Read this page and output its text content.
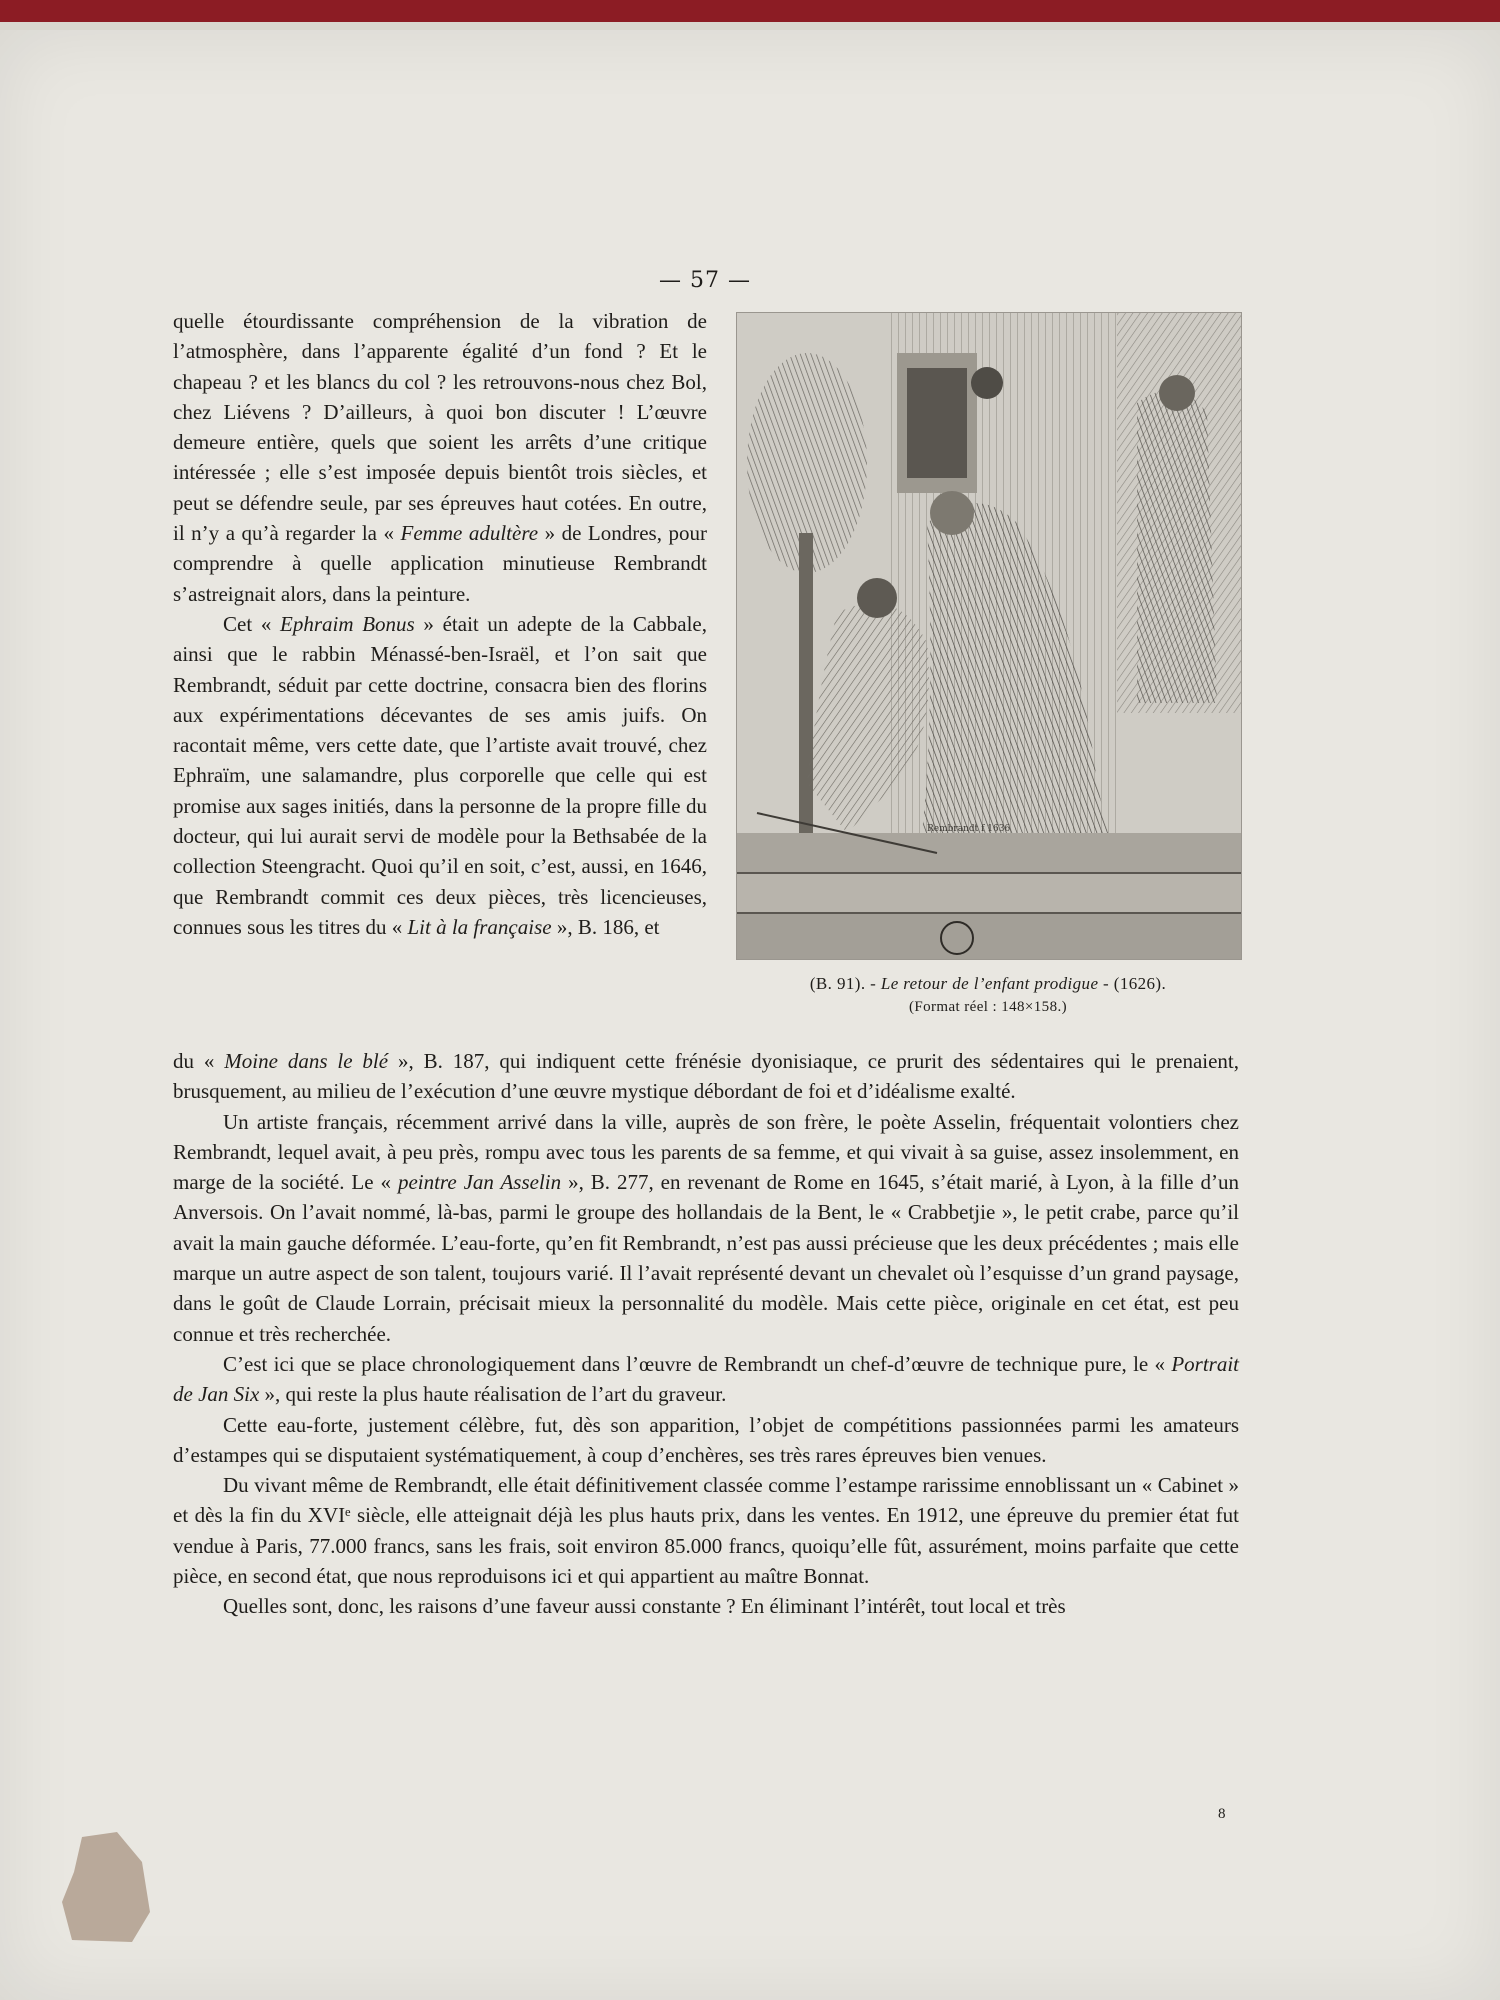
— 57 —

quelle étourdissante compréhension de la vibration de l’atmosphère, dans l’apparente égalité d’un fond ? Et le chapeau ? et les blancs du col ? les retrouvons-nous chez Bol, chez Liévens ? D’ailleurs, à quoi bon discuter ! L’œuvre demeure entière, quels que soient les arrêts d’une critique intéressée ; elle s’est imposée depuis bientôt trois siècles, et peut se défendre seule, par ses épreuves haut cotées. En outre, il n’y a qu’à regarder la « Femme adultère » de Londres, pour comprendre à quelle application minutieuse Rembrandt s’astreignait alors, dans la peinture.

Cet « Ephraim Bonus » était un adepte de la Cabbale, ainsi que le rabbin Ménassé-ben-Israël, et l’on sait que Rembrandt, séduit par cette doctrine, consacra bien des florins aux expérimentations décevantes de ses amis juifs. On racontait même, vers cette date, que l’artiste avait trouvé, chez Ephraïm, une salamandre, plus corporelle que celle qui est promise aux sages initiés, dans la personne de la propre fille du docteur, qui lui aurait servi de modèle pour la Bethsabée de la collection Steengracht. Quoi qu’il en soit, c’est, aussi, en 1646, que Rembrandt commit ces deux pièces, très licencieuses, connues sous les titres du « Lit à la française », B. 186, et

Rembrandt f 1636
(B. 91). - Le retour de l’enfant prodigue - (1626).
(Format réel : 148×158.)

du « Moine dans le blé », B. 187, qui indiquent cette frénésie dyonisiaque, ce prurit des sédentaires qui le prenaient, brusquement, au milieu de l’exécution d’une œuvre mystique débordant de foi et d’idéalisme exalté.

Un artiste français, récemment arrivé dans la ville, auprès de son frère, le poète Asselin, fréquentait volontiers chez Rembrandt, lequel avait, à peu près, rompu avec tous les parents de sa femme, et qui vivait à sa guise, assez insolemment, en marge de la société. Le « peintre Jan Asselin », B. 277, en revenant de Rome en 1645, s’était marié, à Lyon, à la fille d’un Anversois. On l’avait nommé, là-bas, parmi le groupe des hollandais de la Bent, le « Crabbetjie », le petit crabe, parce qu’il avait la main gauche déformée. L’eau-forte, qu’en fit Rembrandt, n’est pas aussi précieuse que les deux précédentes ; mais elle marque un autre aspect de son talent, toujours varié. Il l’avait représenté devant un chevalet où l’esquisse d’un grand paysage, dans le goût de Claude Lorrain, précisait mieux la personnalité du modèle. Mais cette pièce, originale en cet état, est peu connue et très recherchée.

C’est ici que se place chronologiquement dans l’œuvre de Rembrandt un chef-d’œuvre de technique pure, le « Portrait de Jan Six », qui reste la plus haute réalisation de l’art du graveur.

Cette eau-forte, justement célèbre, fut, dès son apparition, l’objet de compétitions passionnées parmi les amateurs d’estampes qui se disputaient systématiquement, à coup d’enchères, ses très rares épreuves bien venues.

Du vivant même de Rembrandt, elle était définitivement classée comme l’estampe rarissime ennoblissant un « Cabinet » et dès la fin du XVIᵉ siècle, elle atteignait déjà les plus hauts prix, dans les ventes. En 1912, une épreuve du premier état fut vendue à Paris, 77.000 francs, sans les frais, soit environ 85.000 francs, quoiqu’elle fût, assurément, moins parfaite que cette pièce, en second état, que nous reproduisons ici et qui appartient au maître Bonnat.

Quelles sont, donc, les raisons d’une faveur aussi constante ? En éliminant l’intérêt, tout local et très

8
